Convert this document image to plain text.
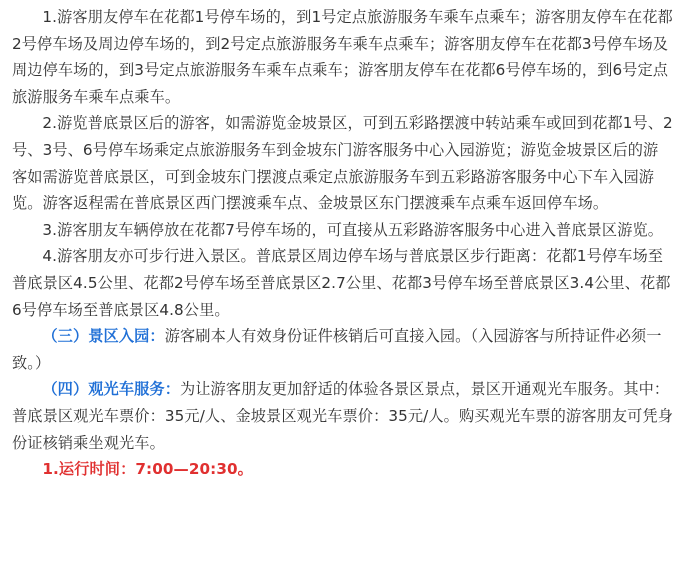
1.游客朋友停车在花都1号停车场的，到1号定点旅游服务车乘车点乘车；游客朋友停车在花都2号停车场及周边停车场的，到2号定点旅游服务车乘车点乘车；游客朋友停车在花都3号停车场及周边停车场的，到3号定点旅游服务车乘车点乘车；游客朋友停车在花都6号停车场的，到6号定点旅游服务车乘车点乘车。

2.游览普底景区后的游客，如需游览金坡景区，可到五彩路摆渡中转站乘车或回到花都1号、2号、3号、6号停车场乘定点旅游服务车到金坡东门游客服务中心入园游览；游览金坡景区后的游客如需游览普底景区，可到金坡东门摆渡点乘定点旅游服务车到五彩路游客服务中心下车入园游览。游客返程需在普底景区西门摆渡乘车点、金坡景区东门摆渡乘车点乘车返回停车场。

3.游客朋友车辆停放在花都7号停车场的，可直接从五彩路游客服务中心进入普底景区游览。

4.游客朋友亦可步行进入景区。普底景区周边停车场与普底景区步行距离：花都1号停车场至普底景区4.5公里、花都2号停车场至普底景区2.7公里、花都3号停车场至普底景区3.4公里、花都6号停车场至普底景区4.8公里。

（三）景区入园：游客刷本人有效身份证件核销后可直接入园。（入园游客与所持证件必须一致。）

（四）观光车服务：为让游客朋友更加舒适的体验各景区景点，景区开通观光车服务。其中：普底景区观光车票价：35元/人、金坡景区观光车票价：35元/人。购买观光车票的游客朋友可凭身份证核销乘坐观光车。

1.运行时间：7:00—20:30。
